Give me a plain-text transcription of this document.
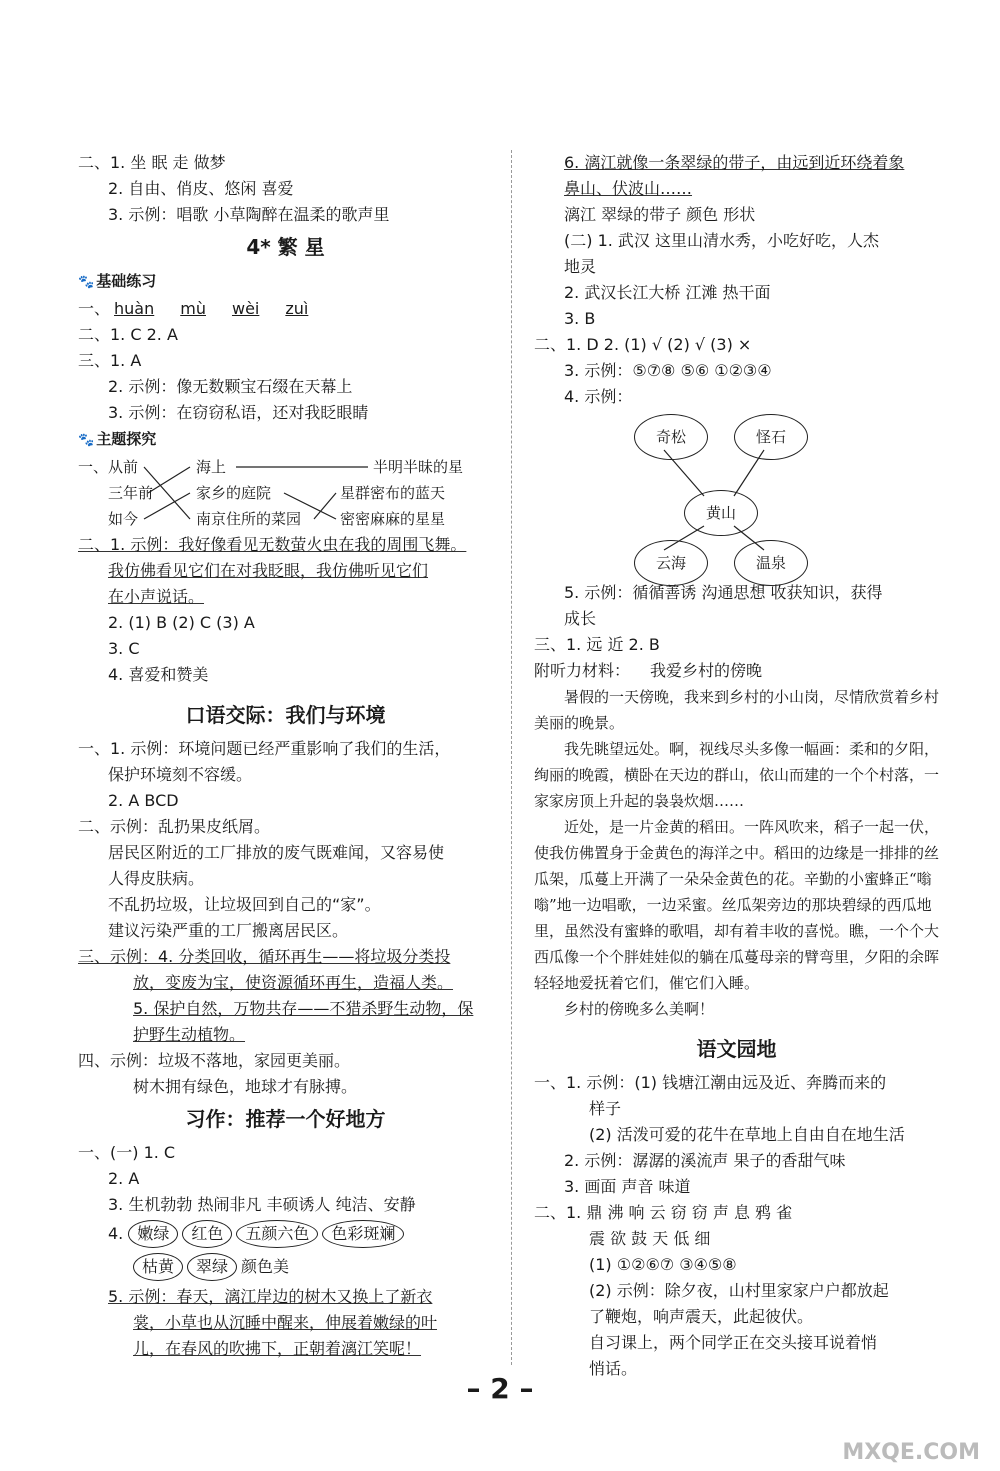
二、1. 坐 眠 走 做梦
2. 自由、俏皮、悠闲 喜爱
3. 示例：唱歌 小草陶醉在温柔的歌声里
4* 繁 星
🐾 基础练习
一、 huàn mù wèi zuì
二、1. C 2. A
三、1. A
2. 示例：像无数颗宝石缀在天幕上
3. 示例：在窃窃私语，还对我眨眼睛
🐾 主题探究
一、 从前
三年前
如今
海上
家乡的庭院
南京住所的菜园
半明半昧的星
星群密布的蓝天
密密麻麻的星星
二、1. 示例：我好像看见无数萤火虫在我的周围飞舞。
我仿佛看见它们在对我眨眼，我仿佛听见它们
在小声说话。
2. (1) B (2) C (3) A
3. C
4. 喜爱和赞美
口语交际：我们与环境
一、1. 示例：环境问题已经严重影响了我们的生活，
保护环境刻不容缓。
2. A BCD
二、示例：乱扔果皮纸屑。
居民区附近的工厂排放的废气既难闻，又容易使
人得皮肤病。
不乱扔垃圾，让垃圾回到自己的“家”。
建议污染严重的工厂搬离居民区。
三、示例：4. 分类回收，循环再生——将垃圾分类投
放，变废为宝，使资源循环再生，造福人类。
5. 保护自然，万物共存——不猎杀野生动物，保
护野生动植物。
四、示例：垃圾不落地，家园更美丽。
树木拥有绿色，地球才有脉搏。
习作：推荐一个好地方
一、(一) 1. C
2. A
3. 生机勃勃 热闹非凡 丰硕诱人 纯洁、安静
4. 嫩绿 红色 五颜六色 色彩斑斓
枯黄 翠绿 颜色美
5. 示例：春天，漓江岸边的树木又换上了新衣
裳，小草也从沉睡中醒来，伸展着嫩绿的叶
儿，在春风的吹拂下，正朝着漓江笑呢！
6. 漓江就像一条翠绿的带子，由远到近环绕着象
鼻山、伏波山……
漓江 翠绿的带子 颜色 形状
(二) 1. 武汉 这里山清水秀，小吃好吃，人杰
地灵
2. 武汉长江大桥 江滩 热干面
3. B
二、1. D 2. (1) √ (2) √ (3) ×
3. 示例：⑤⑦⑧ ⑤⑥ ①②③④
4. 示例：
奇松	怪石
黄山
云海	温泉
5. 示例：循循善诱 沟通思想 收获知识，获得
成长
三、1. 远 近 2. B
附听力材料： 我爱乡村的傍晚

暑假的一天傍晚，我来到乡村的小山岗，尽情欣赏着乡村美丽的晚景。

我先眺望远处。啊，视线尽头多像一幅画：柔和的夕阳，绚丽的晚霞，横卧在天边的群山，依山而建的一个个村落，一家家房顶上升起的袅袅炊烟……

近处，是一片金黄的稻田。一阵风吹来，稻子一起一伏，使我仿佛置身于金黄色的海洋之中。稻田的边缘是一排排的丝瓜架，瓜蔓上开满了一朵朵金黄色的花。辛勤的小蜜蜂正“嗡嗡”地一边唱歌，一边采蜜。丝瓜架旁边的那块碧绿的西瓜地里，虽然没有蜜蜂的歌唱，却有着丰收的喜悦。瞧，一个个大西瓜像一个个胖娃娃似的躺在瓜蔓母亲的臂弯里，夕阳的余晖轻轻地爱抚着它们，催它们入睡。

乡村的傍晚多么美啊！

语文园地
一、1. 示例：(1) 钱塘江潮由远及近、奔腾而来的
样子
(2) 活泼可爱的花牛在草地上自由自在地生活
2. 示例：潺潺的溪流声 果子的香甜气味
3. 画面 声音 味道
二、1. 鼎 沸 响 云 窃 窃 声 息 鸦 雀
震 欲 鼓 天 低 细
(1) ①②⑥⑦ ③④⑤⑧
(2) 示例：除夕夜，山村里家家户户都放起
了鞭炮，响声震天，此起彼伏。
自习课上，两个同学正在交头接耳说着悄
悄话。
– 2 –
MXQE.COM
